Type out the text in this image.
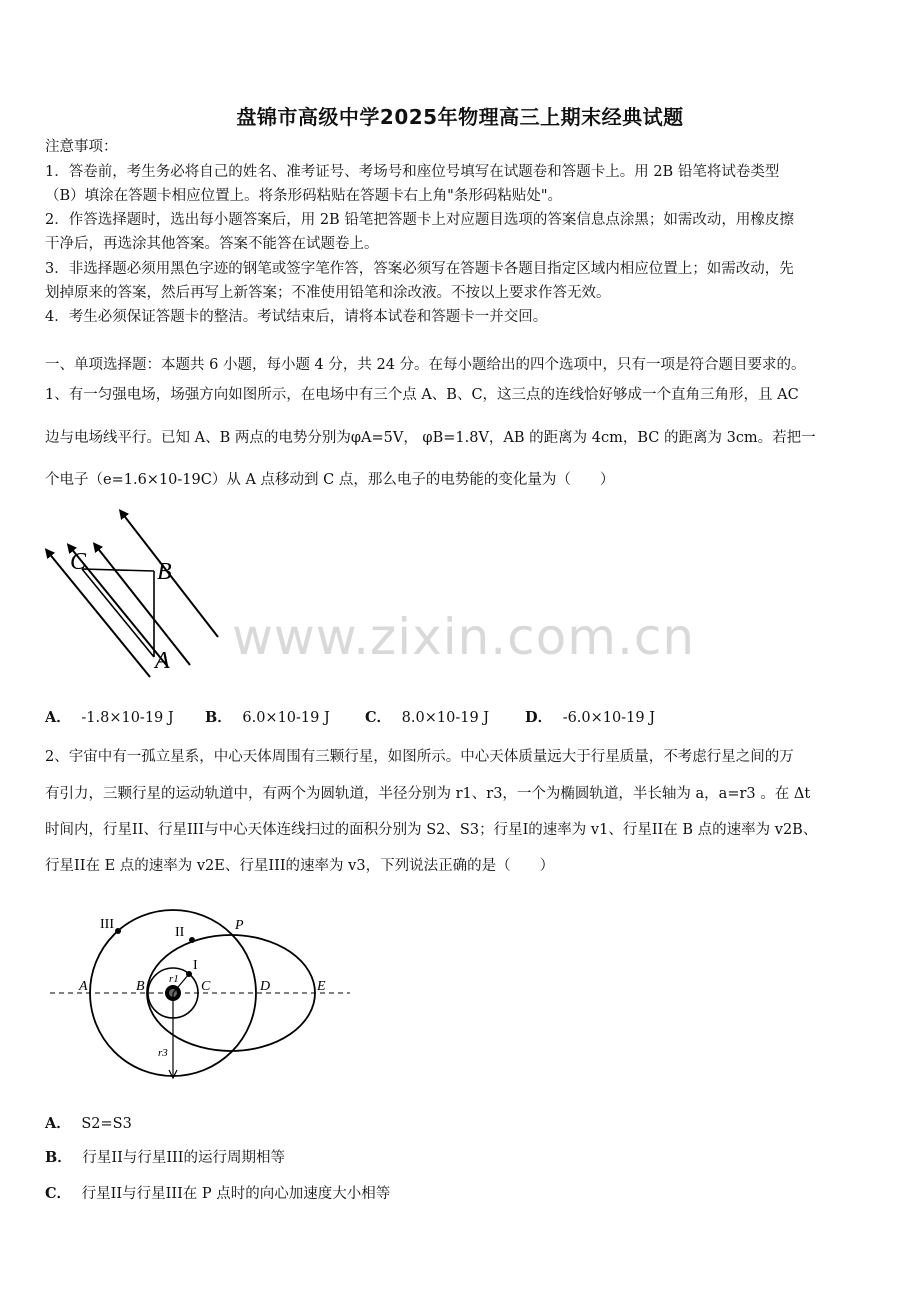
盘锦市高级中学2025年物理高三上期末经典试题
注意事项：
1．答卷前，考生务必将自己的姓名、准考证号、考场号和座位号填写在试题卷和答题卡上。用 2B 铅笔将试卷类型
（B）填涂在答题卡相应位置上。将条形码粘贴在答题卡右上角"条形码粘贴处"。
2．作答选择题时，选出每小题答案后，用 2B 铅笔把答题卡上对应题目选项的答案信息点涂黑；如需改动，用橡皮擦
干净后，再选涂其他答案。答案不能答在试题卷上。
3．非选择题必须用黑色字迹的钢笔或签字笔作答，答案必须写在答题卡各题目指定区域内相应位置上；如需改动，先
划掉原来的答案，然后再写上新答案；不准使用铅笔和涂改液。不按以上要求作答无效。
4．考生必须保证答题卡的整洁。考试结束后，请将本试卷和答题卡一并交回。
一、单项选择题：本题共 6 小题，每小题 4 分，共 24 分。在每小题给出的四个选项中，只有一项是符合题目要求的。
1、有一匀强电场，场强方向如图所示，在电场中有三个点 A、B、C，这三点的连线恰好够成一个直角三角形，且 AC
边与电场线平行。已知 A、B 两点的电势分别为φA=5V， φB=1.8V，AB 的距离为 4cm，BC 的距离为 3cm。若把一
个电子（e=1.6×10-19C）从 A 点移动到 C 点，那么电子的电势能的变化量为（　　）
C	B
A www.zixin.com.cn
A． -1.8×10-19 J B． 6.0×10-19 J C． 8.0×10-19 J D． -6.0×10-19 J
2、宇宙中有一孤立星系，中心天体周围有三颗行星，如图所示。中心天体质量远大于行星质量，不考虑行星之间的万
有引力，三颗行星的运动轨道中，有两个为圆轨道，半径分别为 r1、r3，一个为椭圆轨道，半长轴为 a，a=r3 。在 Δt
时间内，行星II、行星III与中心天体连线扫过的面积分别为 S2、S3；行星I的速率为 v1、行星II在 B 点的速率为 v2B、
行星II在 E 点的速率为 v2E、行星III的速率为 v3，下列说法正确的是（　　）
III
II	P
I
r1
A	B	C	D	E
r3
A． S2=S3
B． 行星II与行星III的运行周期相等
C． 行星II与行星III在 P 点时的向心加速度大小相等
